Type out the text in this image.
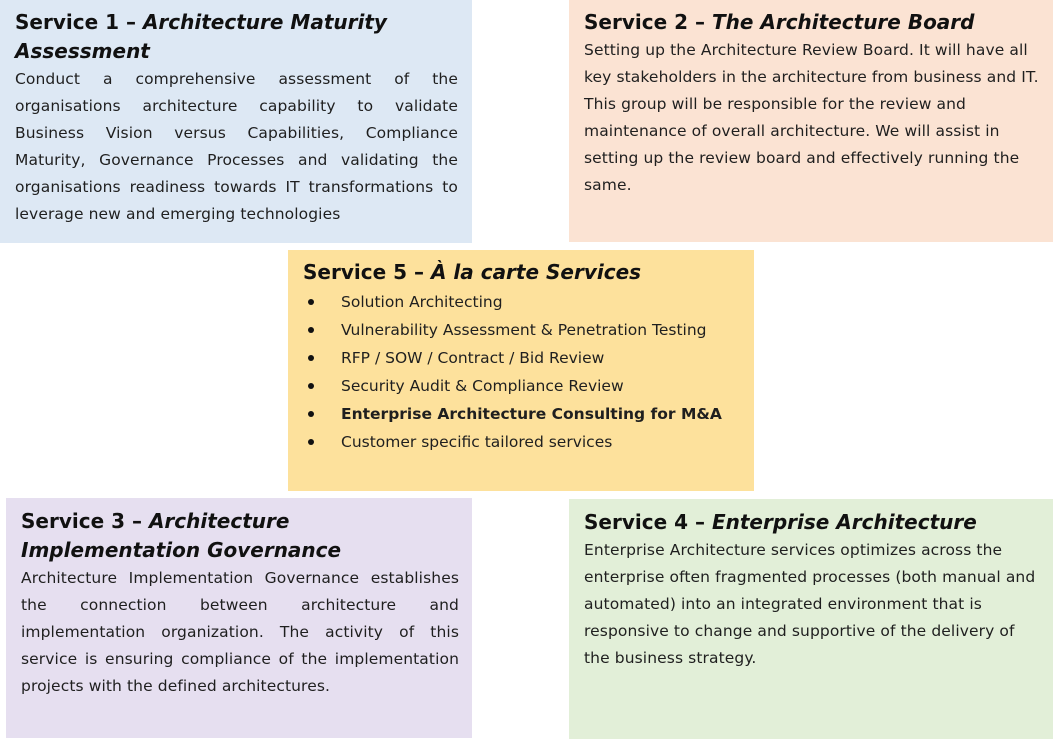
Service 1 – Architecture Maturity Assessment

Conduct a comprehensive assessment of the organisations architecture capability to validate Business Vision versus Capabilities, Compliance Maturity, Governance Processes and validating the organisations readiness towards IT transformations to leverage new and emerging technologies

Service 2 – The Architecture Board

Setting up the Architecture Review Board. It will have all key stakeholders in the architecture from business and IT. This group will be responsible for the review and maintenance of overall architecture. We will assist in setting up the review board and effectively running the same.

Service 5 – À la carte Services
Solution Architecting
Vulnerability Assessment & Penetration Testing
RFP / SOW / Contract / Bid Review
Security Audit & Compliance Review
Enterprise Architecture Consulting for M&A
Customer specific tailored services
Service 3 – Architecture Implementation Governance

Architecture Implementation Governance establishes the connection between architecture and implementation organization. The activity of this service is ensuring compliance of the implementation projects with the defined architectures.

Service 4 – Enterprise Architecture

Enterprise Architecture services optimizes across the enterprise often fragmented processes (both manual and automated) into an integrated environment that is responsive to change and supportive of the delivery of the business strategy.
